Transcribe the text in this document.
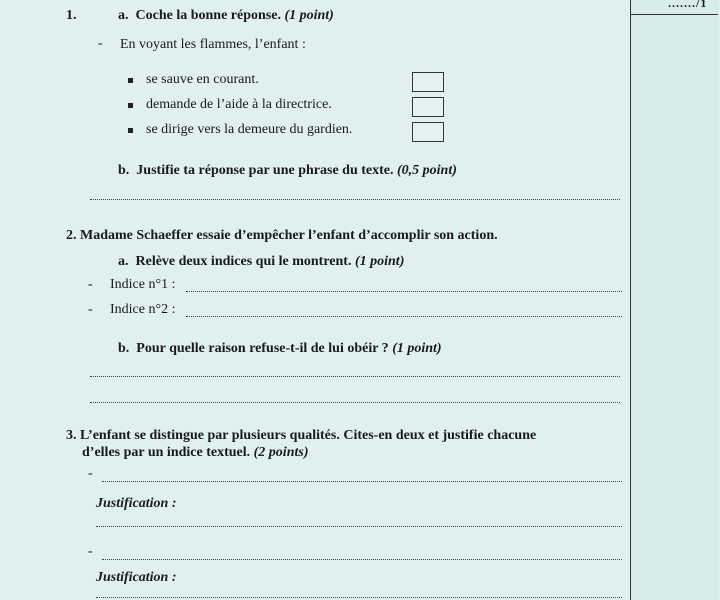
......./1
1.	a. Coche la bonne réponse. (1 point)
- En voyant les flammes, l’enfant :
se sauve en courant.
demande de l’aide à la directrice.
se dirige vers la demeure du gardien.
b. Justifie ta réponse par une phrase du texte. (0,5 point)
2. Madame Schaeffer essaie d’empêcher l’enfant d’accomplir son action.
a. Relève deux indices qui le montrent. (1 point)
- Indice n°1 :
- Indice n°2 :
b. Pour quelle raison refuse-t-il de lui obéir ? (1 point)
3. L’enfant se distingue par plusieurs qualités. Cites-en deux et justifie chacune
d’elles par un indice textuel. (2 points)
-
Justification :
-
Justification :
